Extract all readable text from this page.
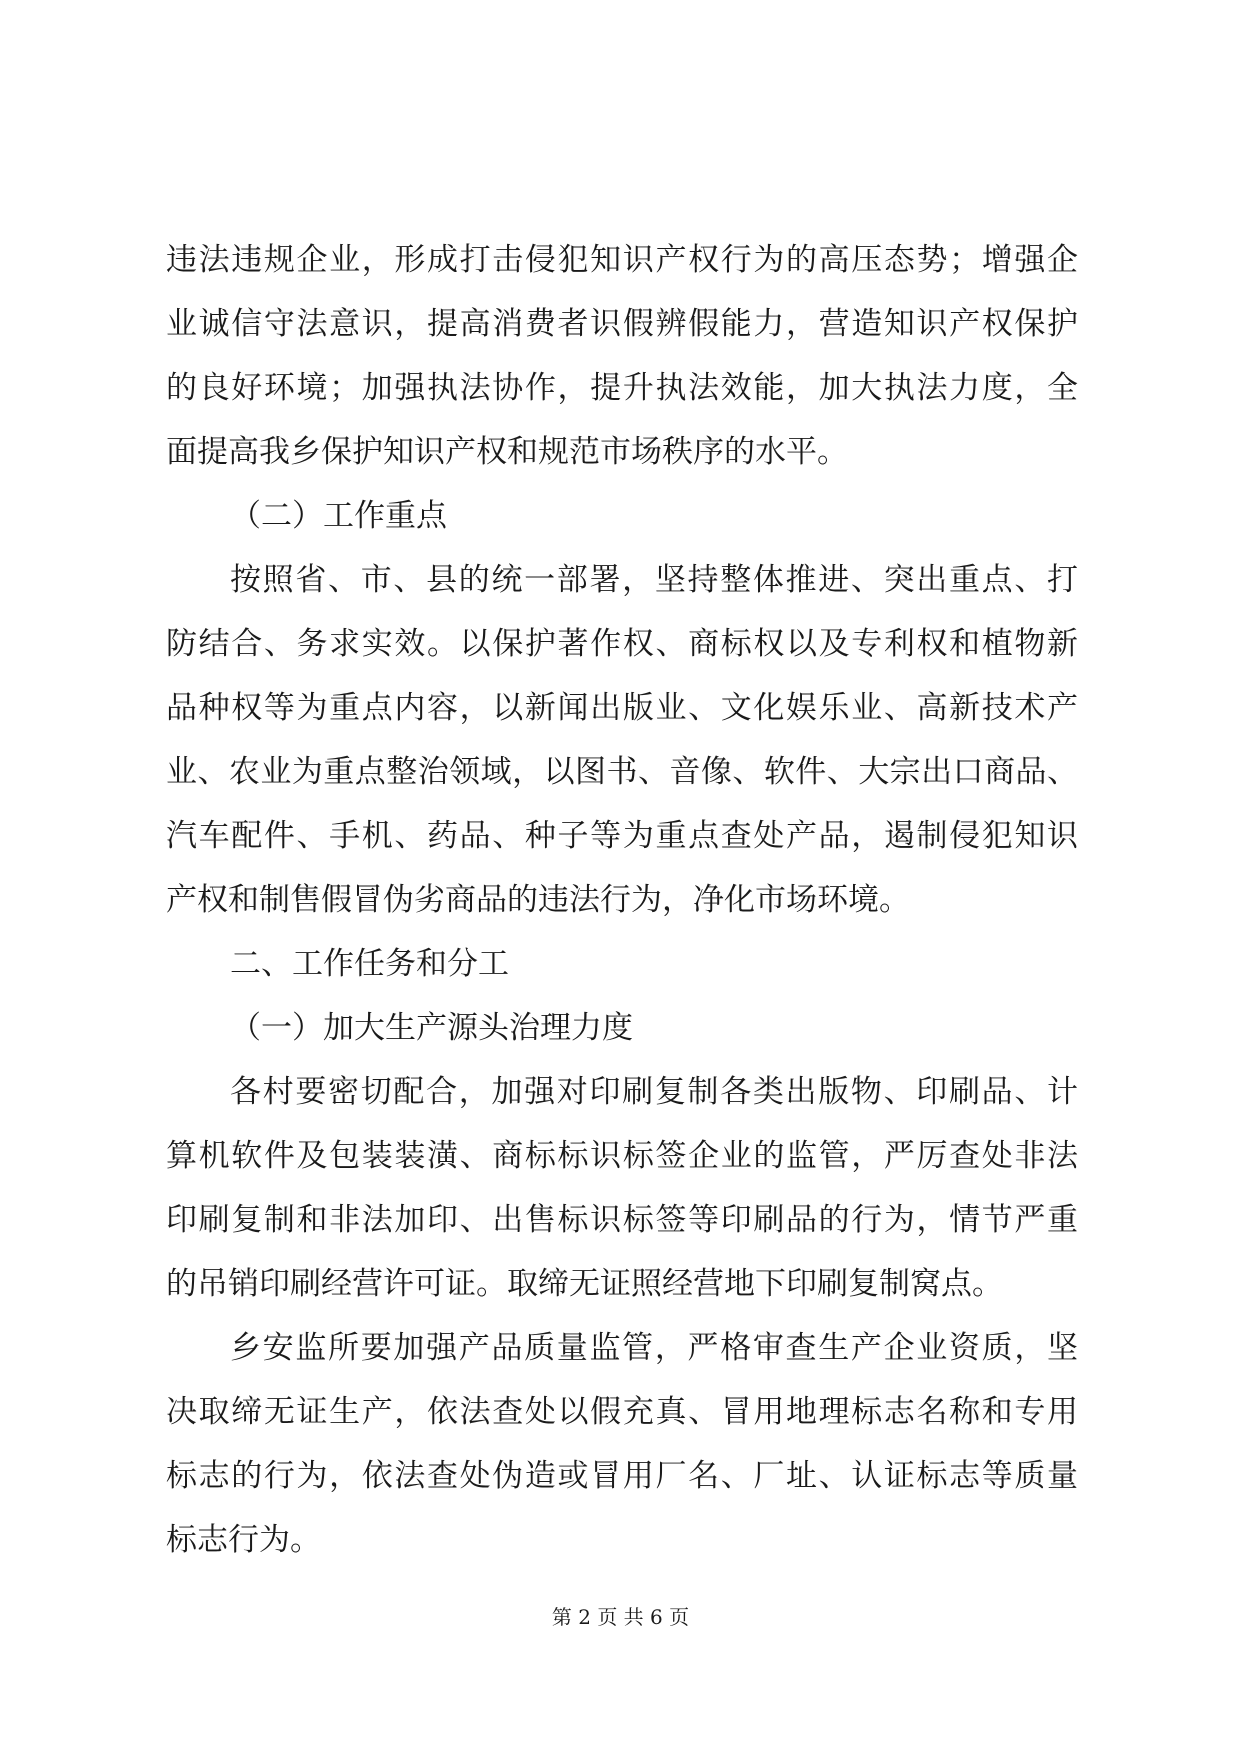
违法违规企业，形成打击侵犯知识产权行为的高压态势；增强企
业诚信守法意识，提高消费者识假辨假能力，营造知识产权保护
的良好环境；加强执法协作，提升执法效能，加大执法力度，全
面提高我乡保护知识产权和规范市场秩序的水平。
（二）工作重点
按照省、市、县的统一部署，坚持整体推进、突出重点、打
防结合、务求实效。以保护著作权、商标权以及专利权和植物新
品种权等为重点内容，以新闻出版业、文化娱乐业、高新技术产
业、农业为重点整治领域，以图书、音像、软件、大宗出口商品、
汽车配件、手机、药品、种子等为重点查处产品，遏制侵犯知识
产权和制售假冒伪劣商品的违法行为，净化市场环境。
二、工作任务和分工
（一）加大生产源头治理力度
各村要密切配合，加强对印刷复制各类出版物、印刷品、计
算机软件及包装装潢、商标标识标签企业的监管，严厉查处非法
印刷复制和非法加印、出售标识标签等印刷品的行为，情节严重
的吊销印刷经营许可证。取缔无证照经营地下印刷复制窝点。
乡安监所要加强产品质量监管，严格审查生产企业资质，坚
决取缔无证生产，依法查处以假充真、冒用地理标志名称和专用
标志的行为，依法查处伪造或冒用厂名、厂址、认证标志等质量
标志行为。
第 2 页 共 6 页
